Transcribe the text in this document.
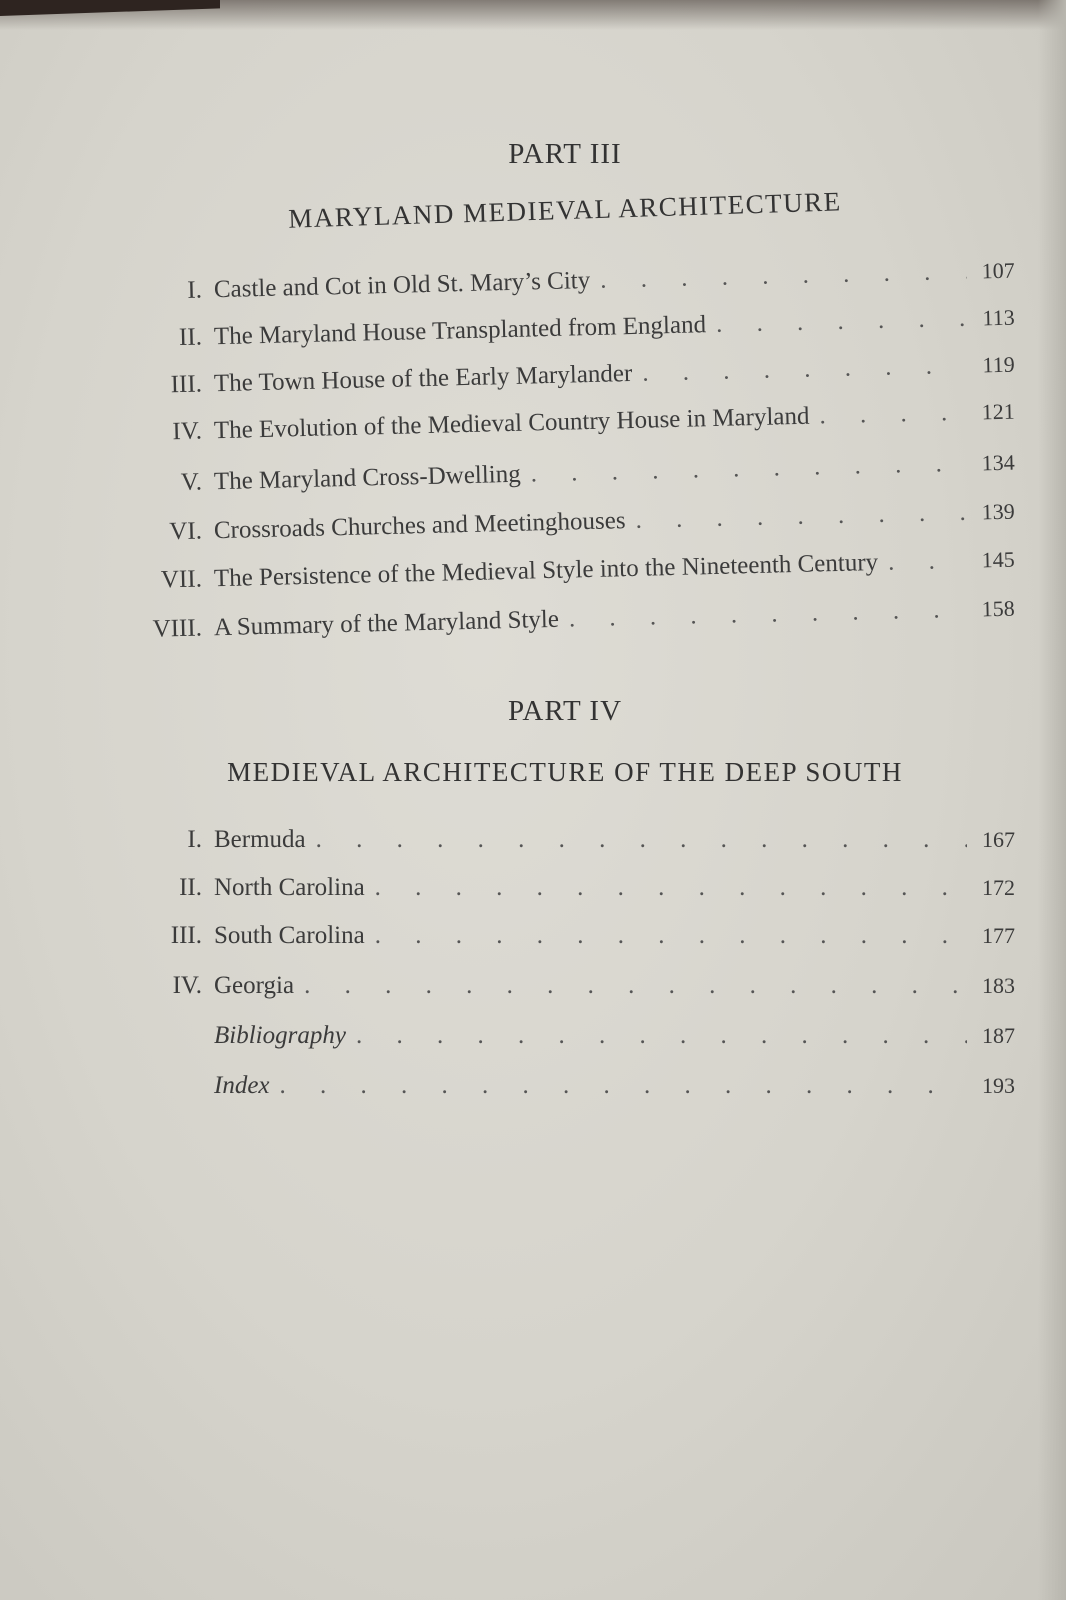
PART III
MARYLAND MEDIEVAL ARCHITECTURE
I. Castle and Cot in Old St. Mary’s City . . .	107
II. The Maryland House Transplanted from England . . .	113
III. The Town House of the Early Marylander . . .	119
IV. The Evolution of the Medieval Country House in Maryland . . .	121
V. The Maryland Cross-Dwelling . . .	134
VI. Crossroads Churches and Meetinghouses . . .	139
VII. The Persistence of the Medieval Style into the Nineteenth Century . . .	145
VIII. A Summary of the Maryland Style . . .	158
PART IV
MEDIEVAL ARCHITECTURE OF THE DEEP SOUTH
I. Bermuda . . .	167
II. North Carolina . . .	172
III. South Carolina . . .	177
IV. Georgia . . .	183
Bibliography . . .	187
Index . . .	193
